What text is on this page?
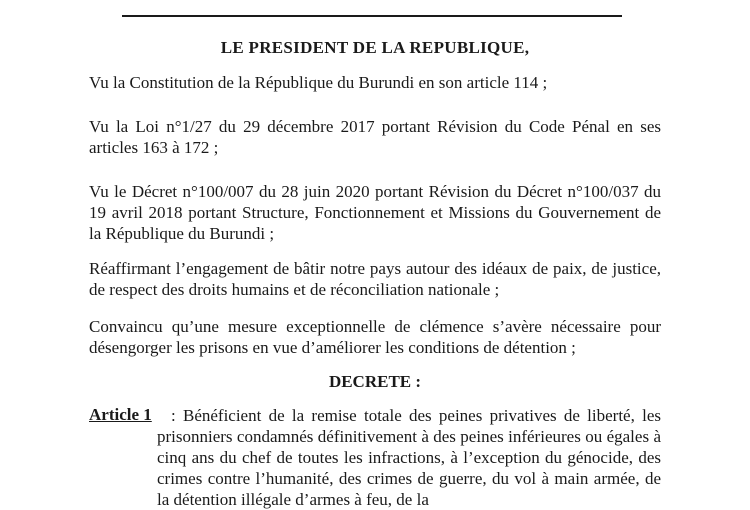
LE PRESIDENT DE LA REPUBLIQUE,
Vu la Constitution de la République du Burundi en son article 114 ;
Vu la Loi n°1/27 du 29 décembre 2017 portant Révision du Code Pénal en ses articles 163 à 172 ;
Vu le Décret n°100/007 du 28 juin 2020 portant Révision du Décret n°100/037 du 19 avril 2018 portant Structure, Fonctionnement et Missions du Gouvernement de la République du Burundi ;
Réaffirmant l’engagement de bâtir notre pays autour des idéaux de paix, de justice, de respect des droits humains et de réconciliation nationale ;
Convaincu qu’une mesure exceptionnelle de clémence s’avère nécessaire pour désengorger les prisons en vue d’améliorer les conditions de détention ;
DECRETE :
Article 1	: Bénéficient de la remise totale des peines privatives de liberté, les prisonniers condamnés définitivement à des peines inférieures ou égales à cinq ans du chef de toutes les infractions, à l’exception du génocide, des crimes contre l’humanité, des crimes de guerre, du vol à main armée, de la détention illégale d’armes à feu, de la
